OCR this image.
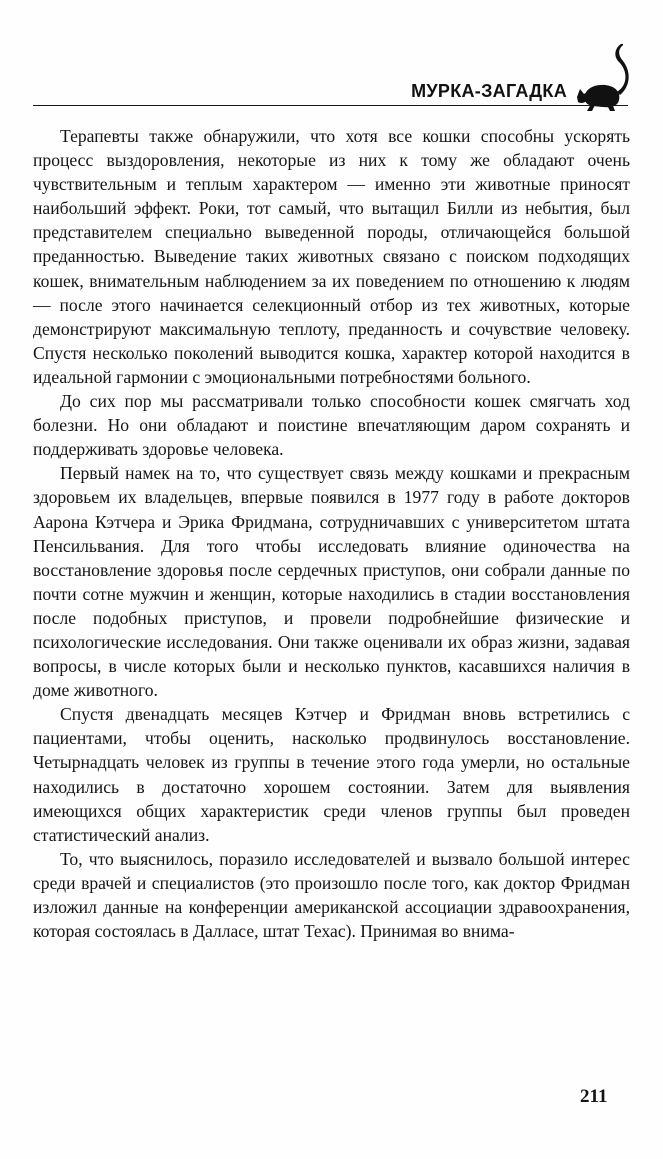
МУРКА-ЗАГАДКА

Терапевты также обнаружили, что хотя все кошки способны ускорять процесс выздоровления, некоторые из них к тому же обладают очень чувствительным и теплым характером — именно эти животные приносят наибольший эффект. Роки, тот самый, что вытащил Билли из небытия, был представителем специально выведенной породы, отличающейся большой преданностью. Выведение таких животных связано с поиском подходящих кошек, внимательным наблюдением за их поведением по отношению к людям — после этого начинается селекционный отбор из тех животных, которые демонстрируют максимальную теплоту, преданность и сочувствие человеку. Спустя несколько поколений выводится кошка, характер которой находится в идеальной гармонии с эмоциональными потребностями больного.

До сих пор мы рассматривали только способности кошек смягчать ход болезни. Но они обладают и поистине впечатляющим даром сохранять и поддерживать здоровье человека.

Первый намек на то, что существует связь между кошками и прекрасным здоровьем их владельцев, впервые появился в 1977 году в работе докторов Аарона Кэтчера и Эрика Фридмана, сотрудничавших с университетом штата Пенсильвания. Для того чтобы исследовать влияние одиночества на восстановление здоровья после сердечных приступов, они собрали данные по почти сотне мужчин и женщин, которые находились в стадии восстановления после подобных приступов, и провели подробнейшие физические и психологические исследования. Они также оценивали их образ жизни, задавая вопросы, в числе которых были и несколько пунктов, касавшихся наличия в доме животного.

Спустя двенадцать месяцев Кэтчер и Фридман вновь встретились с пациентами, чтобы оценить, насколько продвинулось восстановление. Четырнадцать человек из группы в течение этого года умерли, но остальные находились в достаточно хорошем состоянии. Затем для выявления имеющихся общих характеристик среди членов группы был проведен статистический анализ.

То, что выяснилось, поразило исследователей и вызвало большой интерес среди врачей и специалистов (это произошло после того, как доктор Фридман изложил данные на конференции американской ассоциации здравоохранения, которая состоялась в Далласе, штат Техас). Принимая во внима-

211
